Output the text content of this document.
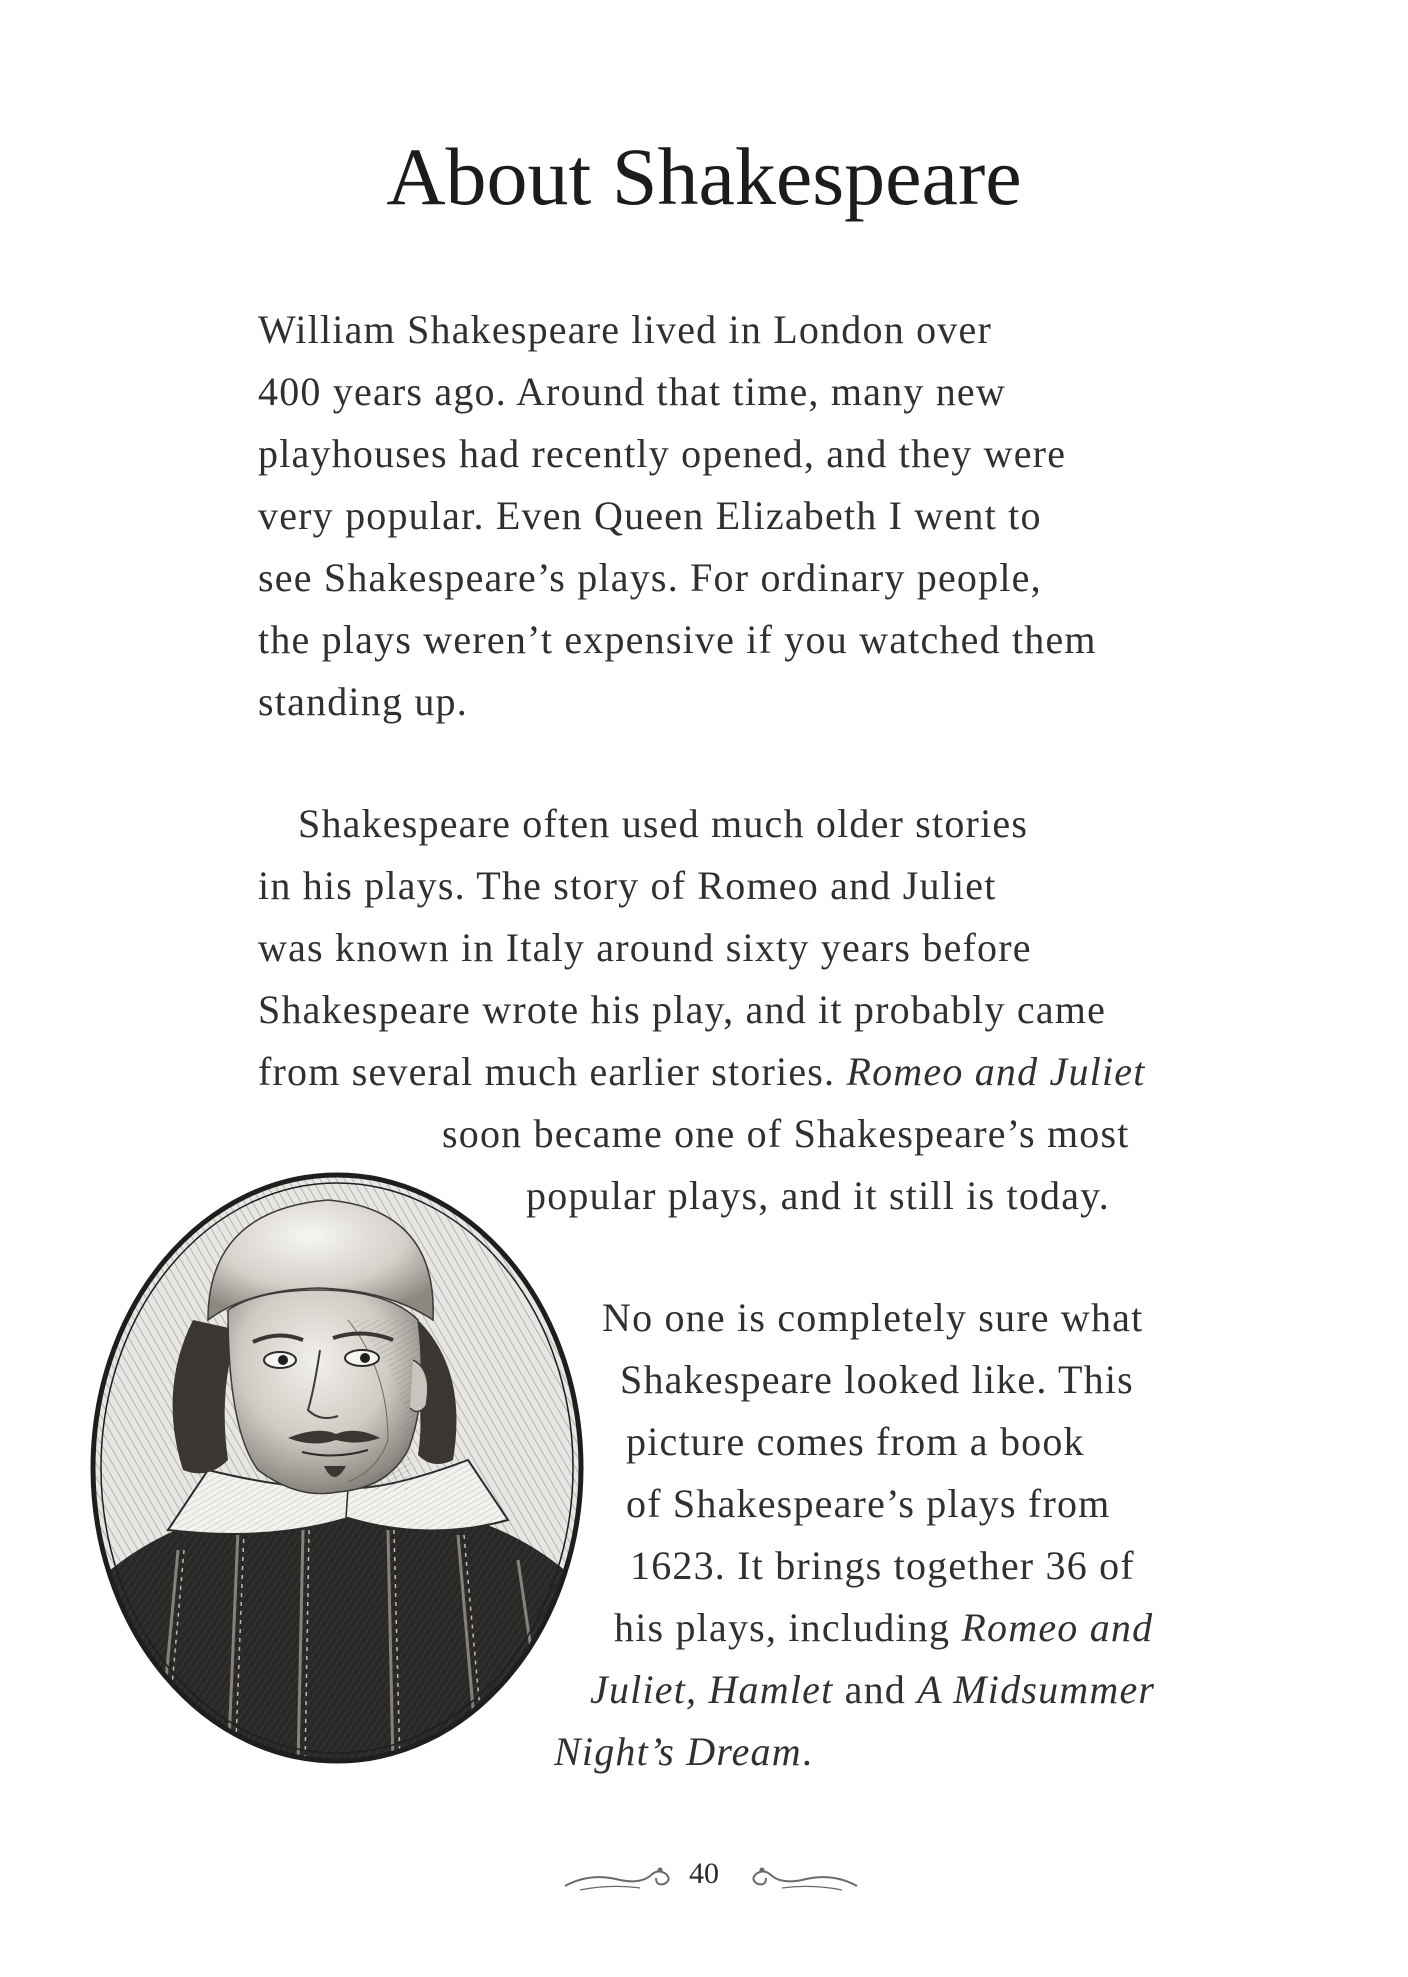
About Shakespeare
William Shakespeare lived in London over
400 years ago. Around that time, many new
playhouses had recently opened, and they were
very popular. Even Queen Elizabeth I went to
see Shakespeare’s plays. For ordinary people,
the plays weren’t expensive if you watched them
standing up.
Shakespeare often used much older stories
in his plays. The story of Romeo and Juliet
was known in Italy around sixty years before
Shakespeare wrote his play, and it probably came
from several much earlier stories. Romeo and Juliet
soon became one of Shakespeare’s most
popular plays, and it still is today.
No one is completely sure what
Shakespeare looked like. This
picture comes from a book
of Shakespeare’s plays from
1623. It brings together 36 of
his plays, including Romeo and
Juliet, Hamlet and A Midsummer
Night’s Dream.
40
